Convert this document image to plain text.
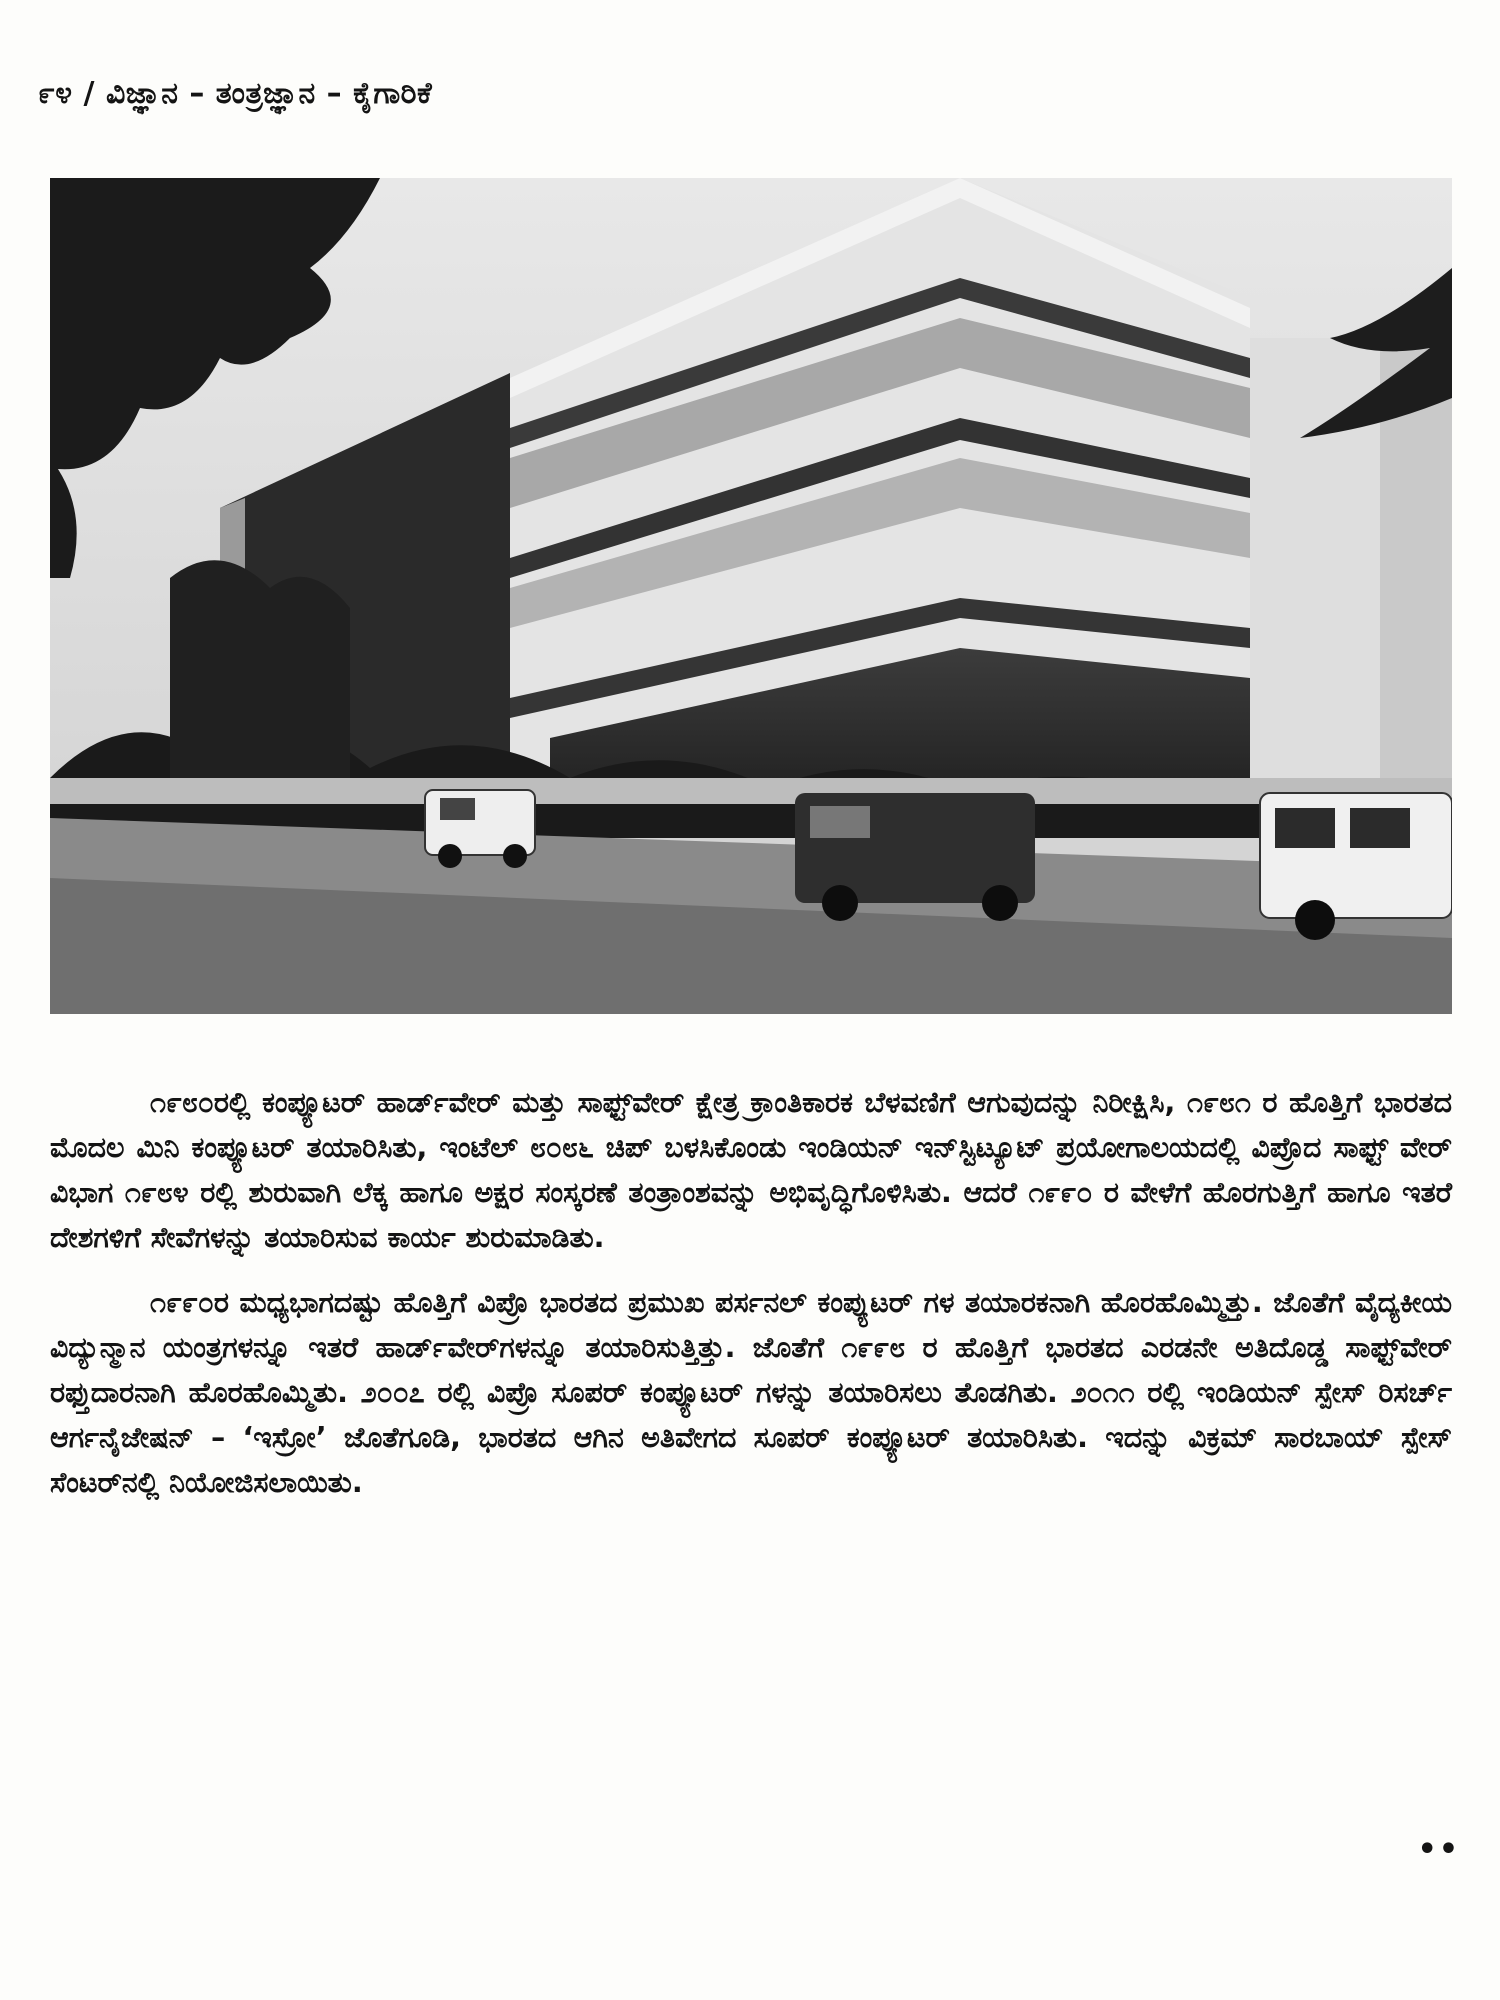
೯೪ / ವಿಜ್ಞಾನ – ತಂತ್ರಜ್ಞಾನ – ಕೈಗಾರಿಕೆ

೧೯೮೦ರಲ್ಲಿ ಕಂಪ್ಯೂಟರ್ ಹಾರ್ಡ್‌ವೇರ್ ಮತ್ತು ಸಾಫ್ಟ್‌ವೇರ್ ಕ್ಷೇತ್ರ ಕ್ರಾಂತಿಕಾರಕ ಬೆಳವಣಿಗೆ ಆಗುವುದನ್ನು ನಿರೀಕ್ಷಿಸಿ, ೧೯೮೧ ರ ಹೊತ್ತಿಗೆ ಭಾರತದ ಮೊದಲ ಮಿನಿ ಕಂಪ್ಯೂಟರ್ ತಯಾರಿಸಿತು, ಇಂಟೆಲ್ ೮೦೮೬ ಚಿಪ್ ಬಳಸಿಕೊಂಡು ಇಂಡಿಯನ್ ಇನ್‌ಸ್ಟಿಟ್ಯೂಟ್ ಪ್ರಯೋಗಾಲಯದಲ್ಲಿ ವಿಪ್ರೊದ ಸಾಫ್ಟ್ ವೇರ್ ವಿಭಾಗ ೧೯೮೪ ರಲ್ಲಿ ಶುರುವಾಗಿ ಲೆಕ್ಕ ಹಾಗೂ ಅಕ್ಷರ ಸಂಸ್ಕರಣೆ ತಂತ್ರಾಂಶವನ್ನು ಅಭಿವೃದ್ಧಿಗೊಳಿಸಿತು. ಆದರೆ ೧೯೯೦ ರ ವೇಳೆಗೆ ಹೊರಗುತ್ತಿಗೆ ಹಾಗೂ ಇತರೆ ದೇಶಗಳಿಗೆ ಸೇವೆಗಳನ್ನು ತಯಾರಿಸುವ ಕಾರ್ಯ ಶುರುಮಾಡಿತು.

೧೯೯೦ರ ಮಧ್ಯಭಾಗದಷ್ಟು ಹೊತ್ತಿಗೆ ವಿಪ್ರೊ ಭಾರತದ ಪ್ರಮುಖ ಪರ್ಸನಲ್ ಕಂಪ್ಯುಟರ್ ಗಳ ತಯಾರಕನಾಗಿ ಹೊರಹೊಮ್ಮಿತ್ತು. ಜೊತೆಗೆ ವೈದ್ಯಕೀಯ ವಿದ್ಯುನ್ಮಾನ ಯಂತ್ರಗಳನ್ನೂ ಇತರೆ ಹಾರ್ಡ್‌ವೇರ್‌ಗಳನ್ನೂ ತಯಾರಿಸುತ್ತಿತ್ತು. ಜೊತೆಗೆ ೧೯೯೮ ರ ಹೊತ್ತಿಗೆ ಭಾರತದ ಎರಡನೇ ಅತಿದೊಡ್ಡ ಸಾಫ್ಟ್‌ವೇರ್ ರಫ್ತುದಾರನಾಗಿ ಹೊರಹೊಮ್ಮಿತು. ೨೦೦೭ ರಲ್ಲಿ ವಿಪ್ರೊ ಸೂಪರ್ ಕಂಪ್ಯೂಟರ್ ಗಳನ್ನು ತಯಾರಿಸಲು ತೊಡಗಿತು. ೨೦೧೧ ರಲ್ಲಿ ಇಂಡಿಯನ್ ಸ್ಪೇಸ್ ರಿಸರ್ಚ್ ಆರ್ಗನೈಜೇಷನ್ – ‘ಇಸ್ರೋ’ ಜೊತೆಗೂಡಿ, ಭಾರತದ ಆಗಿನ ಅತಿವೇಗದ ಸೂಪರ್ ಕಂಪ್ಯೂಟರ್ ತಯಾರಿಸಿತು. ಇದನ್ನು ವಿಕ್ರಮ್ ಸಾರಬಾಯ್ ಸ್ಪೇಸ್ ಸೆಂಟರ್‌ನಲ್ಲಿ ನಿಯೋಜಿಸಲಾಯಿತು.

••
